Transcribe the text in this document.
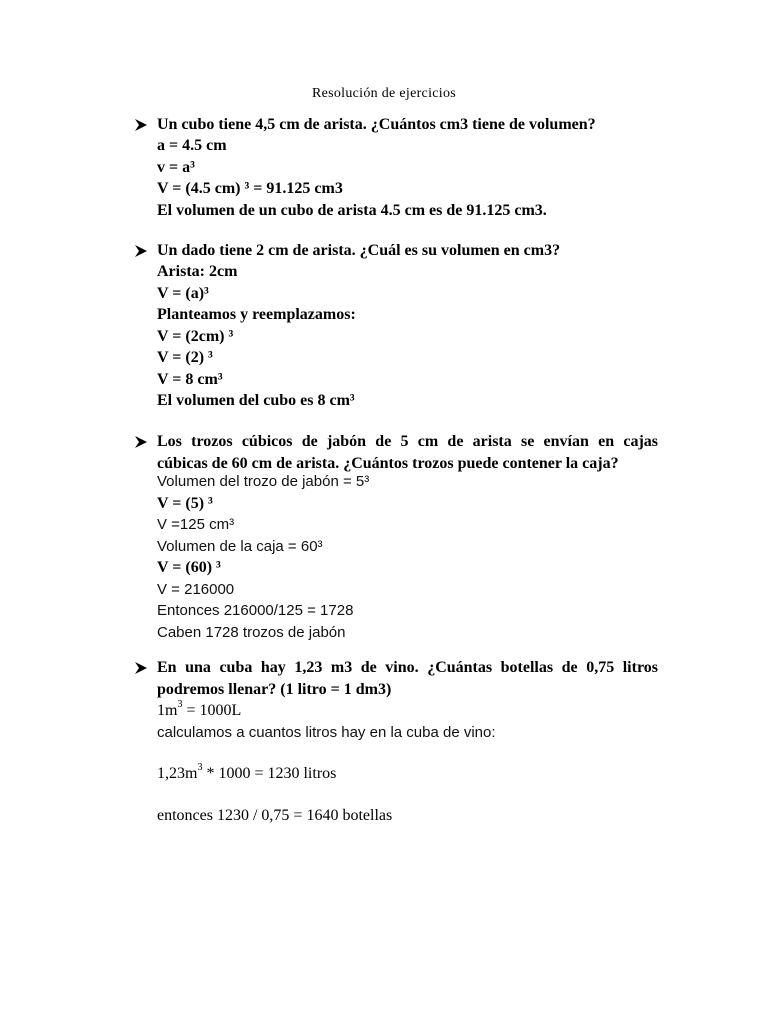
Resolución de ejercicios
Un cubo tiene 4,5 cm de arista. ¿Cuántos cm3 tiene de volumen?
a = 4.5 cm
v = a³
V = (4.5 cm) ³ = 91.125 cm3
El volumen de un cubo de arista 4.5 cm es de 91.125 cm3.
Un dado tiene 2 cm de arista. ¿Cuál es su volumen en cm3?
Arista: 2cm
V = (a)³
Planteamos y reemplazamos:
V = (2cm) ³
V = (2) ³
V = 8 cm³
El volumen del cubo es 8 cm³
Los trozos cúbicos de jabón de 5 cm de arista se envían en cajas
cúbicas de 60 cm de arista. ¿Cuántos trozos puede contener la caja?
Volumen del trozo de jabón = 5³
V = (5) ³
V =125 cm³
Volumen de la caja = 60³
V = (60) ³
V = 216000
Entonces 216000/125 = 1728
Caben 1728 trozos de jabón
En una cuba hay 1,23 m3 de vino. ¿Cuántas botellas de 0,75 litros
podremos llenar? (1 litro = 1 dm3)
$1m^3 = 1000L$
calculamos a cuantos litros hay en la cuba de vino:
$1,23m^3 * 1000 = 1230$ litros
entonces 1230 / 0,75 = 1640 botellas
